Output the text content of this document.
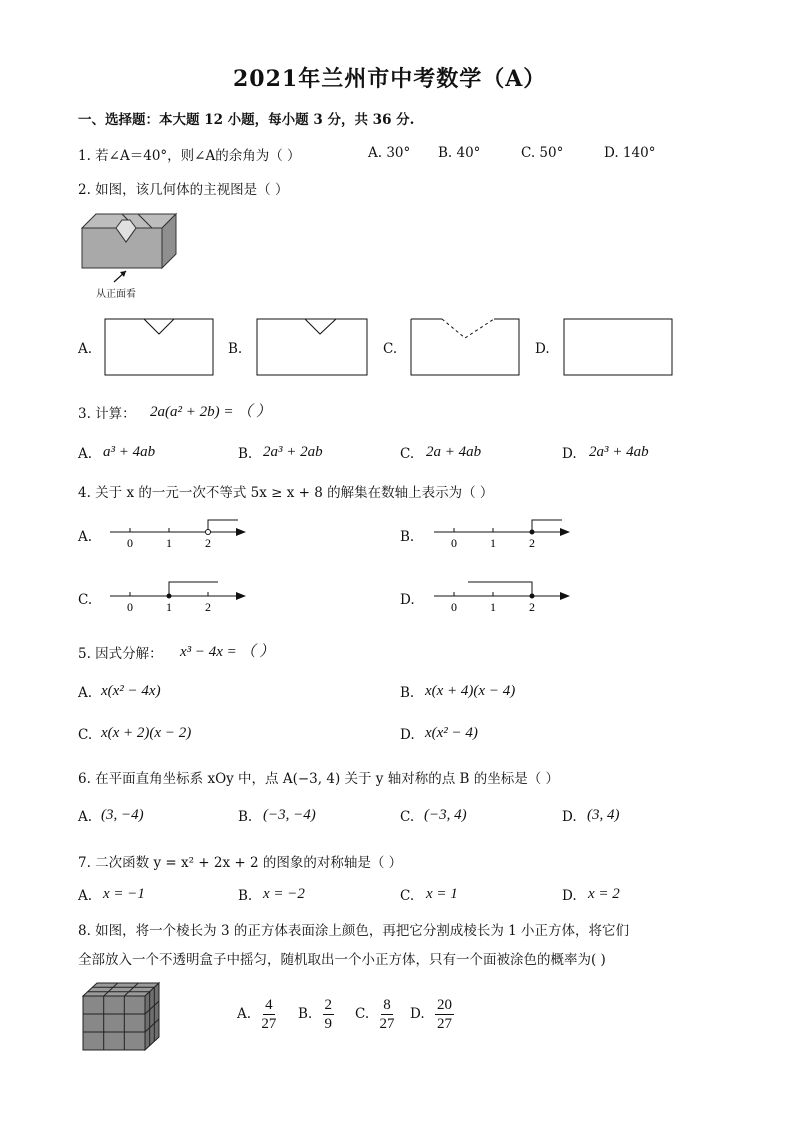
2021年兰州市中考数学（A）
一、选择题：本大题 12 小题，每小题 3 分，共 36 分.
1. 若∠A＝40°，则∠A的余角为（ ）	A. 30° B. 40°	C. 50°	D. 140°
2. 如图，该几何体的主视图是（ ）
从正面看
A.	B.	C.	D.
3. 计算： 2a(a² + 2b) = （ ）
A. a³ + 4ab	B. 2a³ + 2ab	C. 2a + 4ab	D. 2a³ + 4ab
4. 关于 x 的一元一次不等式 5x ≥ x + 8 的解集在数轴上表示为（ ）
A.	0	1	2	B.	0	1	2
C.	0	1	2	D.	0	1	2
5. 因式分解： x³ − 4x = （ ）
A. x(x² − 4x)	B. x(x + 4)(x − 4)
C. x(x + 2)(x − 2)	D. x(x² − 4)
6. 在平面直角坐标系 xOy 中，点 A(−3, 4) 关于 y 轴对称的点 B 的坐标是（ ）
A. (3, −4)	B. (−3, −4)	C. (−3, 4)	D. (3, 4)
7. 二次函数 y = x² + 2x + 2 的图象的对称轴是（ ）
A. x = −1	B. x = −2	C. x = 1	D. x = 2
8. 如图，将一个棱长为 3 的正方体表面涂上颜色，再把它分割成棱长为 1 小正方体，将它们
全部放入一个不透明盒子中摇匀，随机取出一个小正方体，只有一个面被涂色的概率为( )
A. $\frac{4}{27} B$. $\frac{2}{9} C$. $\frac{8}{27} D$. $\frac{20}{27}$
